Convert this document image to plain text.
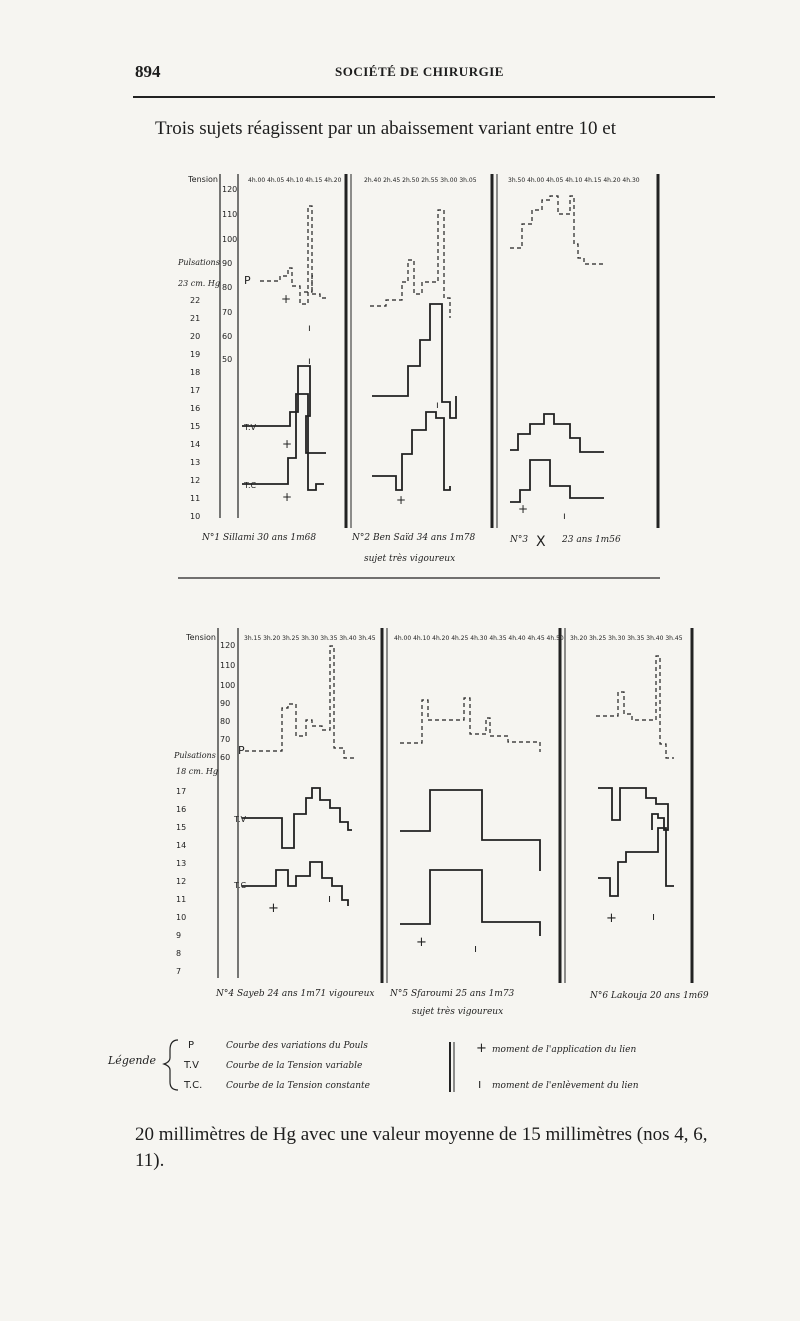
894	SOCIÉTÉ DE CHIRURGIE
Trois sujets réagissent par un abaissement variant entre 10 et
Tension
120
110
100
90
80
70
60
50
Pulsations
23 cm. Hg
22
21
20
19
18
17
16
15
14
13
12
11
10
P
T.V
T.C
4h.00 4h.05 4h.10 4h.15 4h.20	2h.40 2h.45 2h.50 2h.55 3h.00 3h.05	3h.50 4h.00 4h.05 4h.10 4h.15 4h.20 4h.30
+
+
+	+
+
ı
ı
ı
ı
N°1 Sillami 30 ans 1m68	N°2 Ben Saïd 34 ans 1m78
sujet très vigoureux
N°3 X 23 ans 1m56
Tension
120
110
100
90
80
70
60
Pulsations
18 cm. Hg
17
16
15
14
13
12
11
10
9
8
7
P
T.V
T.C
3h.15 3h.20 3h.25 3h.30 3h.35 3h.40 3h.45	4h.00 4h.10 4h.20 4h.25 4h.30 4h.35 4h.40 4h.45 4h.50 3h.20 3h.25 3h.30 3h.35 3h.40 3h.45
+
+
+
ı
ı
ı
N°4 Sayeb 24 ans 1m71 vigoureux N°5 Sfaroumi 25 ans 1m73
sujet très vigoureux
N°6 Lakouja 20 ans 1m69
Légende
P	Courbe des variations du Pouls
T.V	Courbe de la Tension variable
T.C.	Courbe de la Tension constante
+ moment de l'application du lien
ı moment de l'enlèvement du lien
20 millimètres de Hg avec une valeur moyenne de 15 millimètres (nos 4, 6, 11).
